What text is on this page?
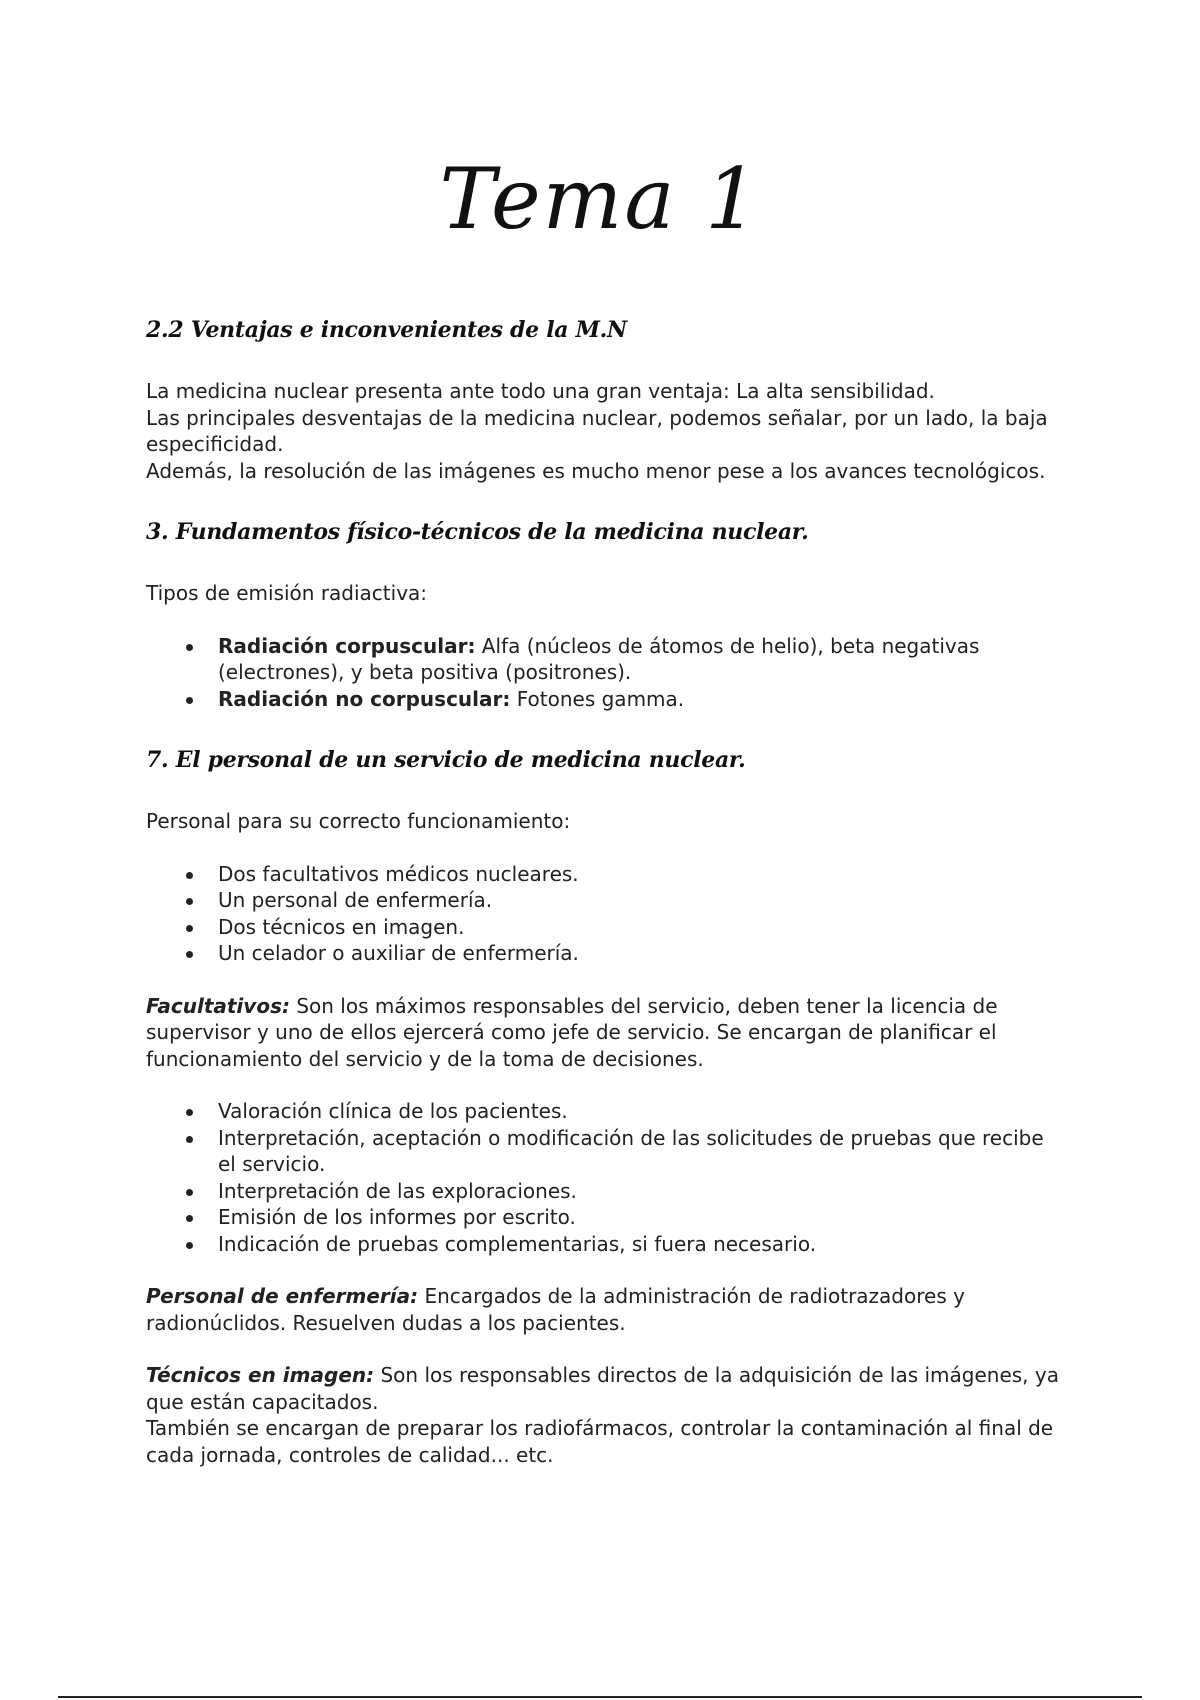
Tema 1
2.2 Ventajas e inconvenientes de la M.N

La medicina nuclear presenta ante todo una gran ventaja: La alta sensibilidad.

Las principales desventajas de la medicina nuclear, podemos señalar, por un lado, la baja especificidad.

Además, la resolución de las imágenes es mucho menor pese a los avances tecnológicos.

3. Fundamentos físico-técnicos de la medicina nuclear.

Tipos de emisión radiactiva:

Radiación corpuscular: Alfa (núcleos de átomos de helio), beta negativas (electrones), y beta positiva (positrones).
Radiación no corpuscular: Fotones gamma.
7. El personal de un servicio de medicina nuclear.

Personal para su correcto funcionamiento:

Dos facultativos médicos nucleares.
Un personal de enfermería.
Dos técnicos en imagen.
Un celador o auxiliar de enfermería.

Facultativos: Son los máximos responsables del servicio, deben tener la licencia de supervisor y uno de ellos ejercerá como jefe de servicio. Se encargan de planificar el funcionamiento del servicio y de la toma de decisiones.

Valoración clínica de los pacientes.
Interpretación, aceptación o modificación de las solicitudes de pruebas que recibe el servicio.
Interpretación de las exploraciones.
Emisión de los informes por escrito.
Indicación de pruebas complementarias, si fuera necesario.

Personal de enfermería: Encargados de la administración de radiotrazadores y radionúclidos. Resuelven dudas a los pacientes.

Técnicos en imagen: Son los responsables directos de la adquisición de las imágenes, ya que están capacitados.

También se encargan de preparar los radiofármacos, controlar la contaminación al final de cada jornada, controles de calidad... etc.
